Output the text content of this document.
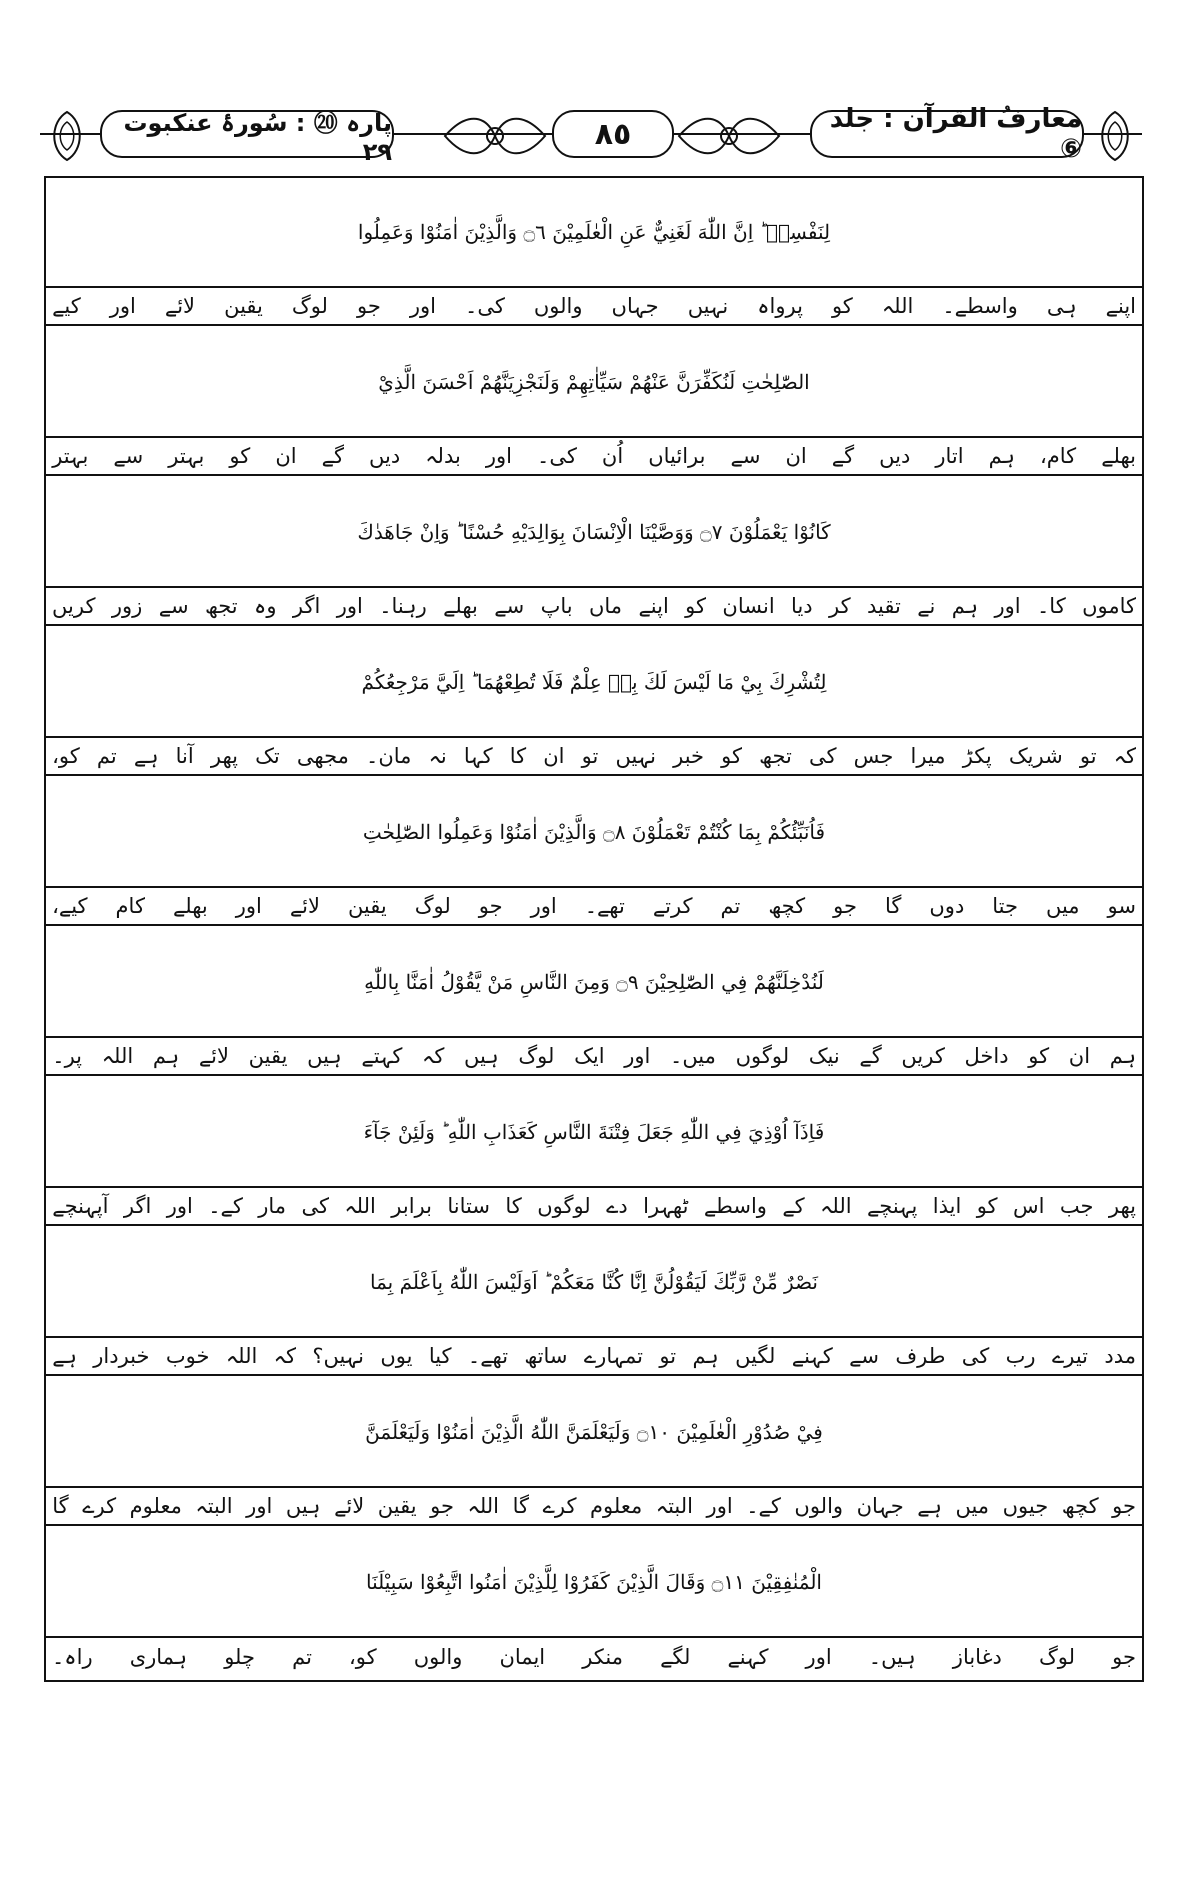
معارفُ القرآن : جلد ⑥
٨٥
پارہ ⑳ : سُورۂ عنکبوت ۲۹
لِنَفْسِهٖ ؕ اِنَّ اللّٰهَ لَغَنِيٌّ عَنِ الْعٰلَمِيْنَ ۝٦ وَالَّذِيْنَ اٰمَنُوْا وَعَمِلُوا
اپنے
ہی
واسطے۔
اللہ
کو
پرواہ
نہیں
جہاں
والوں
کی۔
اور
جو
لوگ
یقین
لائے
اور
کیے
الصّٰلِحٰتِ لَنُكَفِّرَنَّ عَنْهُمْ سَيِّاٰتِهِمْ وَلَنَجْزِيَنَّهُمْ اَحْسَنَ الَّذِيْ
بھلے
کام،
ہم
اتار
دیں
گے
ان
سے
برائیاں
اُن
کی۔
اور
بدلہ
دیں
گے
ان
کو
بہتر
سے
بہتر
كَانُوْا يَعْمَلُوْنَ ۝٧ وَوَصَّيْنَا الْاِنْسَانَ بِوَالِدَيْهِ حُسْنًا ؕ وَاِنْ جَاهَدٰكَ
کاموں
کا۔
اور
ہم
نے
تقید
کر
دیا
انسان
کو
اپنے
ماں
باپ
سے
بھلے
رہنا۔
اور
اگر
وہ
تجھ
سے
زور
کریں
لِتُشْرِكَ بِيْ مَا لَيْسَ لَكَ بِهٖ عِلْمٌ فَلَا تُطِعْهُمَا ؕ اِلَيَّ مَرْجِعُكُمْ
کہ
تو
شریک
پکڑ
میرا
جس
کی
تجھ
کو
خبر
نہیں
تو
ان
کا
کہا
نہ
مان۔
مجھی
تک
پھر
آنا
ہے
تم
کو،
فَاُنَبِّئُكُمْ بِمَا كُنْتُمْ تَعْمَلُوْنَ ۝٨ وَالَّذِيْنَ اٰمَنُوْا وَعَمِلُوا الصّٰلِحٰتِ
سو
میں
جتا
دوں
گا
جو
کچھ
تم
کرتے
تھے۔
اور
جو
لوگ
یقین
لائے
اور
بھلے
کام
کیے،
لَنُدْخِلَنَّهُمْ فِي الصّٰلِحِيْنَ ۝٩ وَمِنَ النَّاسِ مَنْ يَّقُوْلُ اٰمَنَّا بِاللّٰهِ
ہم
ان
کو
داخل
کریں
گے
نیک
لوگوں
میں۔
اور
ایک
لوگ
ہیں
کہ
کہتے
ہیں
یقین
لائے
ہم
اللہ
پر۔
فَاِذَآ اُوْذِيَ فِي اللّٰهِ جَعَلَ فِتْنَةَ النَّاسِ كَعَذَابِ اللّٰهِ ؕ وَلَئِنْ جَآءَ
پھر
جب
اس
کو
ایذا
پہنچے
اللہ
کے
واسطے
ٹھہرا
دے
لوگوں
کا
ستانا
برابر
اللہ
کی
مار
کے۔
اور
اگر
آپہنچے
نَصْرٌ مِّنْ رَّبِّكَ لَيَقُوْلُنَّ اِنَّا كُنَّا مَعَكُمْ ؕ اَوَلَيْسَ اللّٰهُ بِاَعْلَمَ بِمَا
مدد
تیرے
رب
کی
طرف
سے
کہنے
لگیں
ہم
تو
تمہارے
ساتھ
تھے۔
کیا
یوں
نہیں؟
کہ
اللہ
خوب
خبردار
ہے
فِيْ صُدُوْرِ الْعٰلَمِيْنَ ۝١٠ وَلَيَعْلَمَنَّ اللّٰهُ الَّذِيْنَ اٰمَنُوْا وَلَيَعْلَمَنَّ
جو
کچھ
جیوں
میں
ہے
جہان
والوں
کے۔
اور
البتہ
معلوم
کرے
گا
اللہ
جو
یقین
لائے
ہیں
اور
البتہ
معلوم
کرے
گا
الْمُنٰفِقِيْنَ ۝١١ وَقَالَ الَّذِيْنَ كَفَرُوْا لِلَّذِيْنَ اٰمَنُوا اتَّبِعُوْا سَبِيْلَنَا
جو
لوگ
دغاباز
ہیں۔
اور
کہنے
لگے
منکر
ایمان
والوں
کو،
تم
چلو
ہماری
راہ۔
